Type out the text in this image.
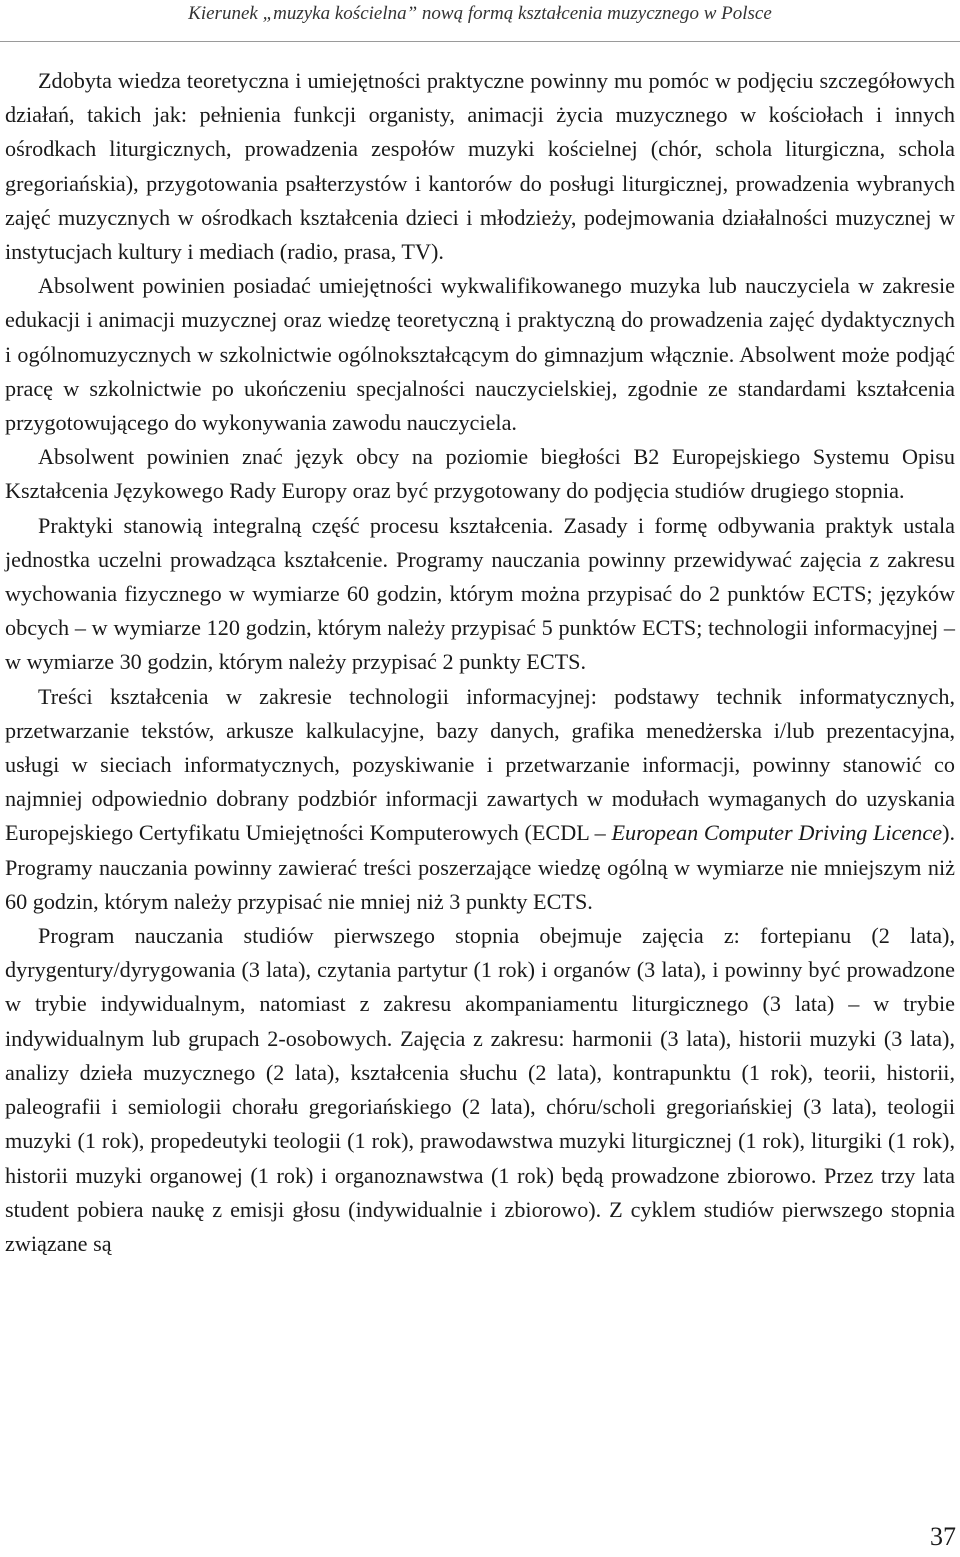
Kierunek „muzyka kościelna” nową formą kształcenia muzycznego w Polsce

Zdobyta wiedza teoretyczna i umiejętności praktyczne powinny mu pomóc w podjęciu szczegółowych działań, takich jak: pełnienia funkcji organisty, animacji życia muzycznego w kościołach i innych ośrodkach liturgicznych, prowadzenia zespołów muzyki kościelnej (chór, schola liturgiczna, schola gregoriańskia), przygotowania psałterzystów i kantorów do posługi liturgicznej, prowadzenia wybranych zajęć muzycznych w ośrodkach kształcenia dzieci i młodzieży, podejmowania działalności muzycznej w instytucjach kultury i mediach (radio, prasa, TV).

Absolwent powinien posiadać umiejętności wykwalifikowanego muzyka lub nauczyciela w zakresie edukacji i animacji muzycznej oraz wiedzę teoretyczną i praktyczną do prowadzenia zajęć dydaktycznych i ogólnomuzycznych w szkolnictwie ogólnokształcącym do gimnazjum włącznie. Absolwent może podjąć pracę w szkolnictwie po ukończeniu specjalności nauczycielskiej, zgodnie ze standardami kształcenia przygotowującego do wykonywania zawodu nauczyciela.

Absolwent powinien znać język obcy na poziomie biegłości B2 Europejskiego Systemu Opisu Kształcenia Językowego Rady Europy oraz być przygotowany do podjęcia studiów drugiego stopnia.

Praktyki stanowią integralną część procesu kształcenia. Zasady i formę odbywania praktyk ustala jednostka uczelni prowadząca kształcenie. Programy nauczania powinny przewidywać zajęcia z zakresu wychowania fizycznego w wymiarze 60 godzin, którym można przypisać do 2 punktów ECTS; języków obcych – w wymiarze 120 godzin, którym należy przypisać 5 punktów ECTS; technologii informacyjnej – w wymiarze 30 godzin, którym należy przypisać 2 punkty ECTS.

Treści kształcenia w zakresie technologii informacyjnej: podstawy technik informatycznych, przetwarzanie tekstów, arkusze kalkulacyjne, bazy danych, grafika menedżerska i/lub prezentacyjna, usługi w sieciach informatycznych, pozyskiwanie i przetwarzanie informacji, powinny stanowić co najmniej odpowiednio dobrany podzbiór informacji zawartych w modułach wymaganych do uzyskania Europejskiego Certyfikatu Umiejętności Komputerowych (ECDL – European Computer Driving Licence). Programy nauczania powinny zawierać treści poszerzające wiedzę ogólną w wymiarze nie mniejszym niż 60 godzin, którym należy przypisać nie mniej niż 3 punkty ECTS.

Program nauczania studiów pierwszego stopnia obejmuje zajęcia z: fortepianu (2 lata), dyrygentury/dyrygowania (3 lata), czytania partytur (1 rok) i organów (3 lata), i powinny być prowadzone w trybie indywidualnym, natomiast z zakresu akompaniamentu liturgicznego (3 lata) – w trybie indywidualnym lub grupach 2-osobowych. Zajęcia z zakresu: harmonii (3 lata), historii muzyki (3 lata), analizy dzieła muzycznego (2 lata), kształcenia słuchu (2 lata), kontrapunktu (1 rok), teorii, historii, paleografii i semiologii chorału gregoriańskiego (2 lata), chóru/scholi gregoriańskiej (3 lata), teologii muzyki (1 rok), propedeutyki teologii (1 rok), prawodawstwa muzyki liturgicznej (1 rok), liturgiki (1 rok), historii muzyki organowej (1 rok) i organoznawstwa (1 rok) będą prowadzone zbiorowo. Przez trzy lata student pobiera naukę z emisji głosu (indywidualnie i zbiorowo). Z cyklem studiów pierwszego stopnia związane są

37
